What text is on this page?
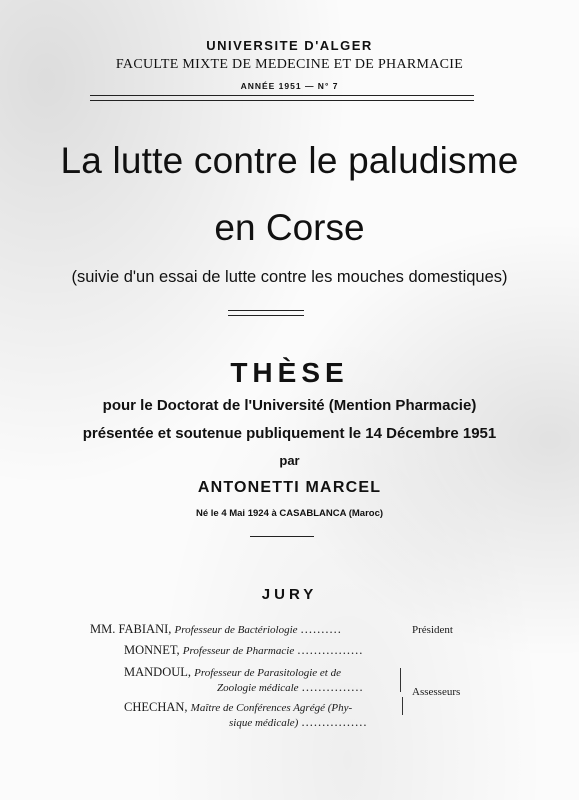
UNIVERSITE D'ALGER
FACULTE MIXTE DE MEDECINE ET DE PHARMACIE
ANNÉE 1951 — N° 7
La lutte contre le paludisme
en Corse
(suivie d'un essai de lutte contre les mouches domestiques)
THÈSE
pour le Doctorat de l'Université (Mention Pharmacie)
présentée et soutenue publiquement le 14 Décembre 1951
par
ANTONETTI MARCEL
Né le 4 Mai 1924 à CASABLANCA (Maroc)
JURY
MM. FABIANI, Professeur de Bactériologie ..........	Président
MONNET, Professeur de Pharmacie ................
MANDOUL, Professeur de Parasitologie et de
Zoologie médicale ...............
CHECHAN, Maître de Conférences Agrégé (Phy-
sique médicale) ................
Assesseurs
